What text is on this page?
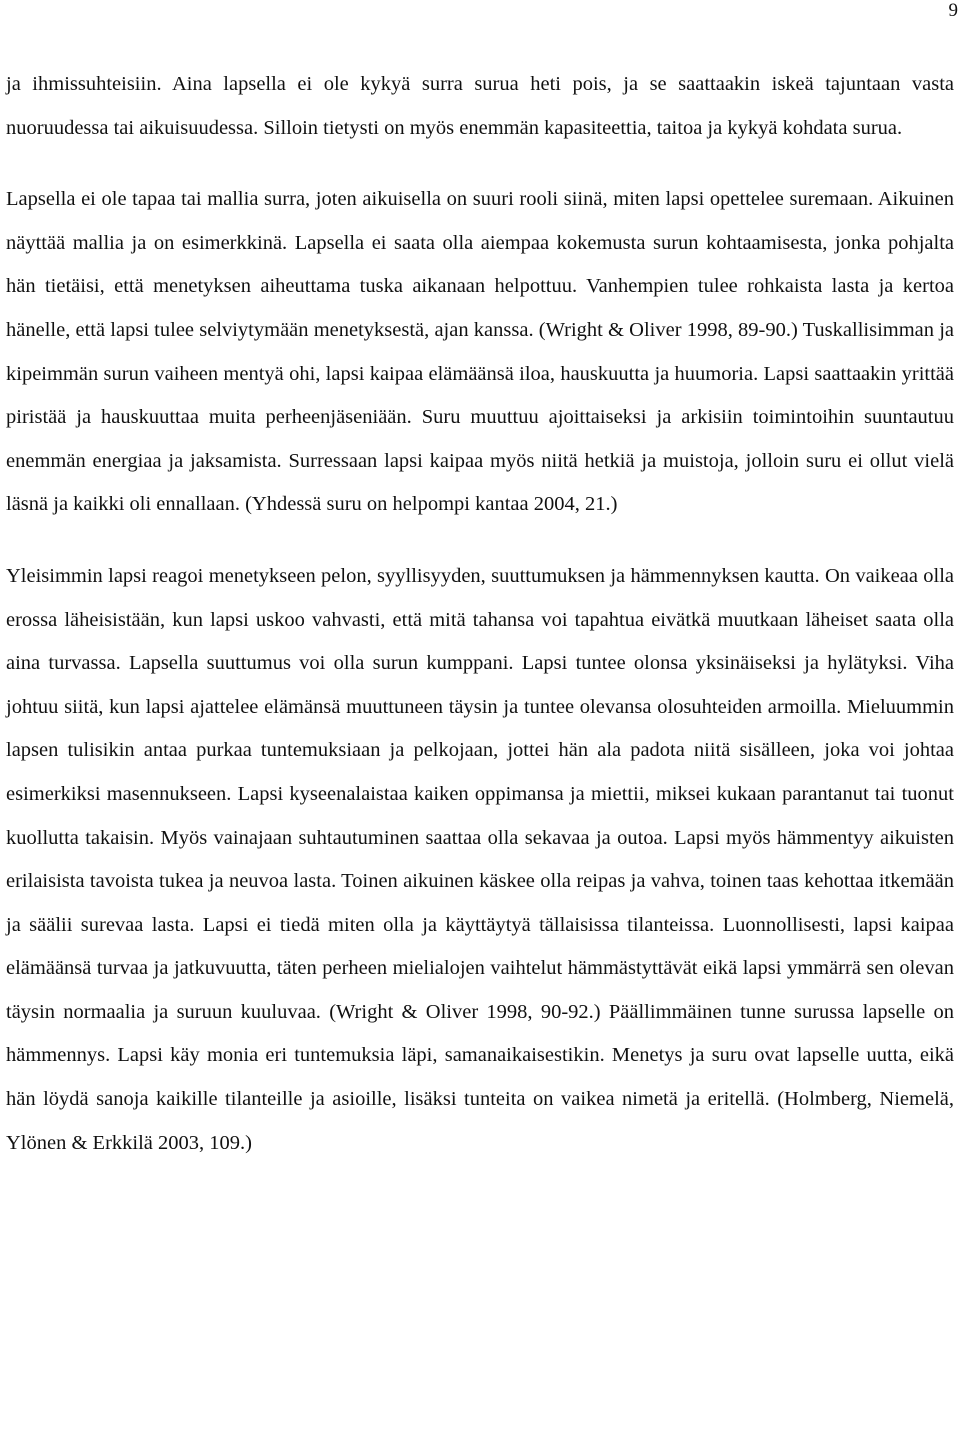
9

ja ihmissuhteisiin. Aina lapsella ei ole kykyä surra surua heti pois, ja se saattaakin iskeä tajuntaan vasta nuoruudessa tai aikuisuudessa. Silloin tietysti on myös enemmän kapasiteettia, taitoa ja kykyä kohdata surua.

Lapsella ei ole tapaa tai mallia surra, joten aikuisella on suuri rooli siinä, miten lapsi opettelee suremaan. Aikuinen näyttää mallia ja on esimerkkinä. Lapsella ei saata olla aiempaa kokemusta surun kohtaamisesta, jonka pohjalta hän tietäisi, että menetyksen aiheuttama tuska aikanaan helpottuu. Vanhempien tulee rohkaista lasta ja kertoa hänelle, että lapsi tulee selviytymään menetyksestä, ajan kanssa. (Wright & Oliver 1998, 89-90.) Tuskallisimman ja kipeimmän surun vaiheen mentyä ohi, lapsi kaipaa elämäänsä iloa, hauskuutta ja huumoria. Lapsi saattaakin yrittää piristää ja hauskuuttaa muita perheenjäseniään. Suru muuttuu ajoittaiseksi ja arkisiin toimintoihin suuntautuu enemmän energiaa ja jaksamista. Surressaan lapsi kaipaa myös niitä hetkiä ja muistoja, jolloin suru ei ollut vielä läsnä ja kaikki oli ennallaan. (Yhdessä suru on helpompi kantaa 2004, 21.)

Yleisimmin lapsi reagoi menetykseen pelon, syyllisyyden, suuttumuksen ja hämmennyksen kautta. On vaikeaa olla erossa läheisistään, kun lapsi uskoo vahvasti, että mitä tahansa voi tapahtua eivätkä muutkaan läheiset saata olla aina turvassa. Lapsella suuttumus voi olla surun kumppani. Lapsi tuntee olonsa yksinäiseksi ja hylätyksi. Viha johtuu siitä, kun lapsi ajattelee elämänsä muuttuneen täysin ja tuntee olevansa olosuhteiden armoilla. Mieluummin lapsen tulisikin antaa purkaa tuntemuksiaan ja pelkojaan, jottei hän ala padota niitä sisälleen, joka voi johtaa esimerkiksi masennukseen. Lapsi kyseenalaistaa kaiken oppimansa ja miettii, miksei kukaan parantanut tai tuonut kuollutta takaisin. Myös vainajaan suhtautuminen saattaa olla sekavaa ja outoa. Lapsi myös hämmentyy aikuisten erilaisista tavoista tukea ja neuvoa lasta. Toinen aikuinen käskee olla reipas ja vahva, toinen taas kehottaa itkemään ja säälii surevaa lasta. Lapsi ei tiedä miten olla ja käyttäytyä tällaisissa tilanteissa. Luonnollisesti, lapsi kaipaa elämäänsä turvaa ja jatkuvuutta, täten perheen mielialojen vaihtelut hämmästyttävät eikä lapsi ymmärrä sen olevan täysin normaalia ja suruun kuuluvaa. (Wright & Oliver 1998, 90-92.) Päällimmäinen tunne surussa lapselle on hämmennys. Lapsi käy monia eri tuntemuksia läpi, samanaikaisestikin. Menetys ja suru ovat lapselle uutta, eikä hän löydä sanoja kaikille tilanteille ja asioille, lisäksi tunteita on vaikea nimetä ja eritellä. (Holmberg, Niemelä, Ylönen & Erkkilä 2003, 109.)
